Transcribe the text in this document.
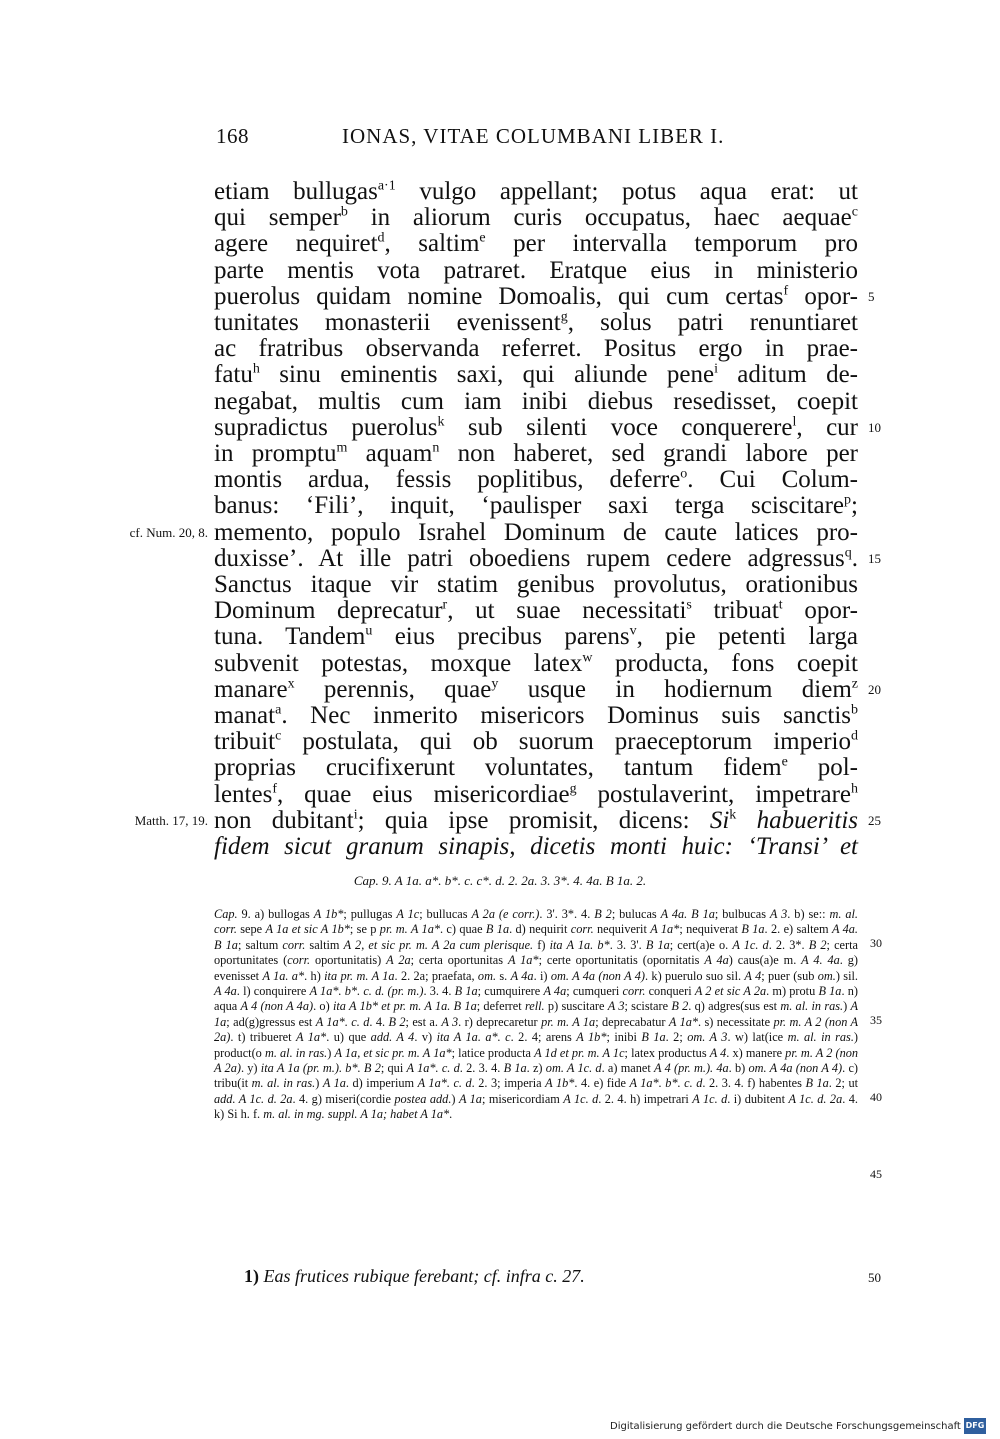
168	IONAS, VITAE COLUMBANI LIBER I.
etiam bullugas$^{a\cdot 1}$ vulgo appellant; potus aqua erat: ut
qui semper$^b$ in aliorum curis occupatus, haec aequae$^c$
agere nequiret$^d$, saltim$^e$ per intervalla temporum pro
parte mentis vota patraret. Eratque eius in ministerio
puerolus quidam nomine Domoalis, qui cum certas$^f$ opor- 5
tunitates monasterii evenissent$^g$, solus patri renuntiaret
ac fratribus observanda referret. Positus ergo in prae-
fatu$^h$ sinu eminentis saxi, qui aliunde pene$^i$ aditum de-
negabat, multis cum iam inibi diebus resedisset, coepit
supradictus puerolus$^k$ sub silenti voce conquerere$^l$, cur 10
in promptu$^m$ aquam$^n$ non haberet, sed grandi labore per
montis ardua, fessis poplitibus, deferre$^o$. Cui Colum-
banus: ‘Fili’, inquit, ‘paulisper saxi terga sciscitare$^p$;
memento, populo Israhel Dominum de caute latices pro-
duxisse’. At ille patri oboediens rupem cedere adgressus$^q$. 15
Sanctus itaque vir statim genibus provolutus, orationibus
Dominum deprecatur$^r$, ut suae necessitati$^s$ tribuat$^t$ opor-
tuna. Tandem$^u$ eius precibus parens$^v$, pie petenti larga
subvenit potestas, moxque latex$^w$ producta, fons coepit
manare$^x$ perennis, quae$^y$ usque in hodiernum diem$^z$ 20
manat$^a$. Nec inmerito misericors Dominus suis sanctis$^b$
tribuit$^c$ postulata, qui ob suorum praeceptorum imperio$^d$
proprias crucifixerunt voluntates, tantum fidem$^e$ pol-
lentes$^f$, quae eius misericordiae$^g$ postulaverint, impetrare$^h$
non dubitant$^i$; quia ipse promisit, dicens: Si$^k$ habueritis 25
fidem sicut granum sinapis, dicetis monti huic: ‘Transi’ et
cf. Num. 20, 8.
Matth. 17, 19.
Cap. 9. A 1a. a*. b*. c. c*. d. 2. 2a. 3. 3*. 4. 4a. B 1a. 2.
Cap. 9. a) bullogas A 1b*; pullugas A 1c; bullucas A 2a (e corr.). 3'. 3*. 4. B 2; bulucas A 4a. B 1a; bulbucas A 3. b) se:: m. al. corr. sepe A 1a et sic A 1b*; se p pr. m. A 1a*. c) quae B 1a. d) nequirit corr. nequiverit A 1a*; nequiverat B 1a. 2. e) saltem A 4a. B 1a; saltum corr. saltim A 2, et sic pr. m. A 2a cum plerisque. f) ita A 1a. b*. 3. 3'. B 1a; cert(a)e o. A 1c. d. 2. 3*. B 2; certa oportunitates (corr. oportunitatis) A 2a; certa oportunitas A 1a*; certe oportunitatis (opornitatis A 4a) caus(a)e m. A 4. 4a. g) evenisset A 1a. a*. h) ita pr. m. A 1a. 2. 2a; praefata, om. s. A 4a. i) om. A 4a (non A 4). k) puerulo suo sil. A 4; puer (sub om.) sil. A 4a. l) conquirere A 1a*. b*. c. d. (pr. m.). 3. 4. B 1a; cumquirere A 4a; cumqueri corr. conqueri A 2 et sic A 2a. m) protu B 1a. n) aqua A 4 (non A 4a). o) ita A 1b* et pr. m. A 1a. B 1a; deferret rell. p) suscitare A 3; scistare B 2. q) adgres(sus est m. al. in ras.) A 1a; ad(g)gressus est A 1a*. c. d. 4. B 2; est a. A 3. r) deprecaretur pr. m. A 1a; deprecabatur A 1a*. s) necessitate pr. m. A 2 (non A 2a). t) tribueret A 1a*. u) que add. A 4. v) ita A 1a. a*. c. 2. 4; arens A 1b*; inibi B 1a. 2; om. A 3. w) lat(ice m. al. in ras.) product(o m. al. in ras.) A 1a, et sic pr. m. A 1a*; latice producta A 1d et pr. m. A 1c; latex productus A 4. x) manere pr. m. A 2 (non A 2a). y) ita A 1a (pr. m.). b*. B 2; qui A 1a*. c. d. 2. 3. 4. B 1a. z) om. A 1c. d. a) manet A 4 (pr. m.). 4a. b) om. A 4a (non A 4). c) tribu(it m. al. in ras.) A 1a. d) imperium A 1a*. c. d. 2. 3; imperia A 1b*. 4. e) fide A 1a*. b*. c. d. 2. 3. 4. f) habentes B 1a. 2; ut add. A 1c. d. 2a. 4. g) miseri(cordie postea add.) A 1a; misericordiam A 1c. d. 2. 4. h) impetrari A 1c. d. i) dubitent A 1c. d. 2a. 4. k) Si h. f. m. al. in mg. suppl. A 1a; habet A 1a*.
30
35
40
45
1) Eas frutices rubique ferebant; cf. infra c. 27.	50
Digitalisierung gefördert durch die Deutsche Forschungsgemeinschaft DFG
